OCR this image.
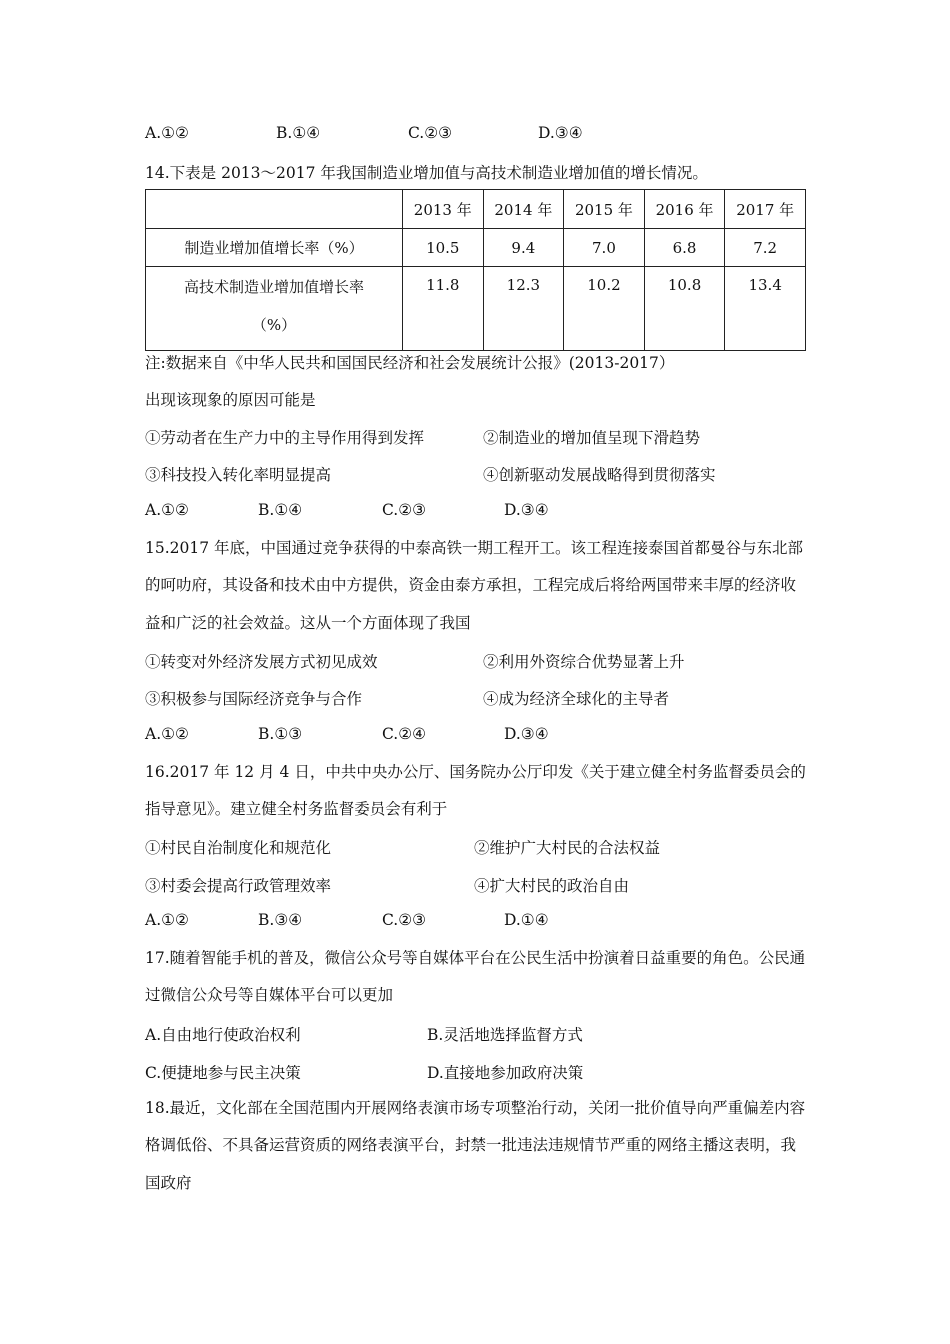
A.①②	B.①④	C.②③	D.③④
14.下表是 2013～2017 年我国制造业增加值与高技术制造业增加值的增长情况。
	2013 年	2014 年	2015 年	2016 年	2017 年
制造业增加值增长率（%）	10.5	9.4	7.0	6.8	7.2
高技术制造业增加值增长率
（%）	11.8	12.3	10.2	10.8	13.4
注:数据来自《中华人民共和国国民经济和社会发展统计公报》(2013-2017）
出现该现象的原因可能是
①劳动者在生产力中的主导作用得到发挥	②制造业的增加值呈现下滑趋势
③科技投入转化率明显提高	④创新驱动发展战略得到贯彻落实
A.①②	B.①④	C.②③	D.③④
15.2017 年底，中国通过竞争获得的中泰高铁一期工程开工。该工程连接泰国首都曼谷与东北部的呵叻府，其设备和技术由中方提供，资金由泰方承担，工程完成后将给两国带来丰厚的经济收益和广泛的社会效益。这从一个方面体现了我国
①转变对外经济发展方式初见成效	②利用外资综合优势显著上升
③积极参与国际经济竞争与合作	④成为经济全球化的主导者
A.①②	B.①③	C.②④	D.③④
16.2017 年 12 月 4 日，中共中央办公厅、国务院办公厅印发《关于建立健全村务监督委员会的指导意见》。建立健全村务监督委员会有利于
①村民自治制度化和规范化	②维护广大村民的合法权益
③村委会提高行政管理效率	④扩大村民的政治自由
A.①②	B.③④	C.②③	D.①④
17.随着智能手机的普及，微信公众号等自媒体平台在公民生活中扮演着日益重要的角色。公民通过微信公众号等自媒体平台可以更加
A.自由地行使政治权利	B.灵活地选择监督方式
C.便捷地参与民主决策	D.直接地参加政府决策
18.最近，文化部在全国范围内开展网络表演市场专项整治行动，关闭一批价值导向严重偏差内容格调低俗、不具备运营资质的网络表演平台，封禁一批违法违规情节严重的网络主播这表明，我国政府
